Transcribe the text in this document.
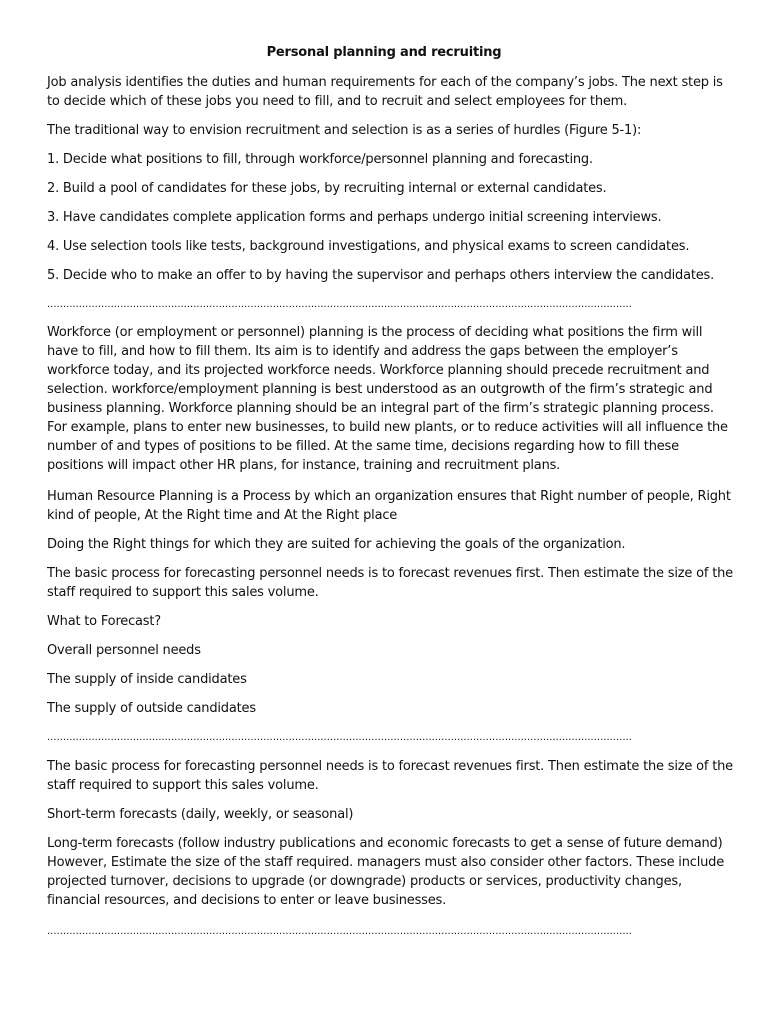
Personal planning and recruiting
Job analysis identifies the duties and human requirements for each of the company’s jobs. The next step is
to decide which of these jobs you need to fill, and to recruit and select employees for them.
The traditional way to envision recruitment and selection is as a series of hurdles (Figure 5-1):
1. Decide what positions to fill, through workforce/personnel planning and forecasting.
2. Build a pool of candidates for these jobs, by recruiting internal or external candidates.
3. Have candidates complete application forms and perhaps undergo initial screening interviews.
4. Use selection tools like tests, background investigations, and physical exams to screen candidates.
5. Decide who to make an offer to by having the supervisor and perhaps others interview the candidates.
........................................................................................................................................................................................
Workforce (or employment or personnel) planning is the process of deciding what positions the firm will
have to fill, and how to fill them. Its aim is to identify and address the gaps between the employer’s
workforce today, and its projected workforce needs. Workforce planning should precede recruitment and
selection. workforce/employment planning is best understood as an outgrowth of the firm’s strategic and
business planning. Workforce planning should be an integral part of the firm’s strategic planning process.
For example, plans to enter new businesses, to build new plants, or to reduce activities will all influence the
number of and types of positions to be filled. At the same time, decisions regarding how to fill these
positions will impact other HR plans, for instance, training and recruitment plans.
Human Resource Planning is a Process by which an organization ensures that Right number of people, Right
kind of people, At the Right time and At the Right place
Doing the Right things for which they are suited for achieving the goals of the organization.
The basic process for forecasting personnel needs is to forecast revenues first. Then estimate the size of the
staff required to support this sales volume.
What to Forecast?
Overall personnel needs
The supply of inside candidates
The supply of outside candidates
........................................................................................................................................................................................
The basic process for forecasting personnel needs is to forecast revenues first. Then estimate the size of the
staff required to support this sales volume.
Short-term forecasts (daily, weekly, or seasonal)
Long-term forecasts (follow industry publications and economic forecasts to get a sense of future demand)
However, Estimate the size of the staff required. managers must also consider other factors. These include
projected turnover, decisions to upgrade (or downgrade) products or services, productivity changes,
financial resources, and decisions to enter or leave businesses.
........................................................................................................................................................................................
